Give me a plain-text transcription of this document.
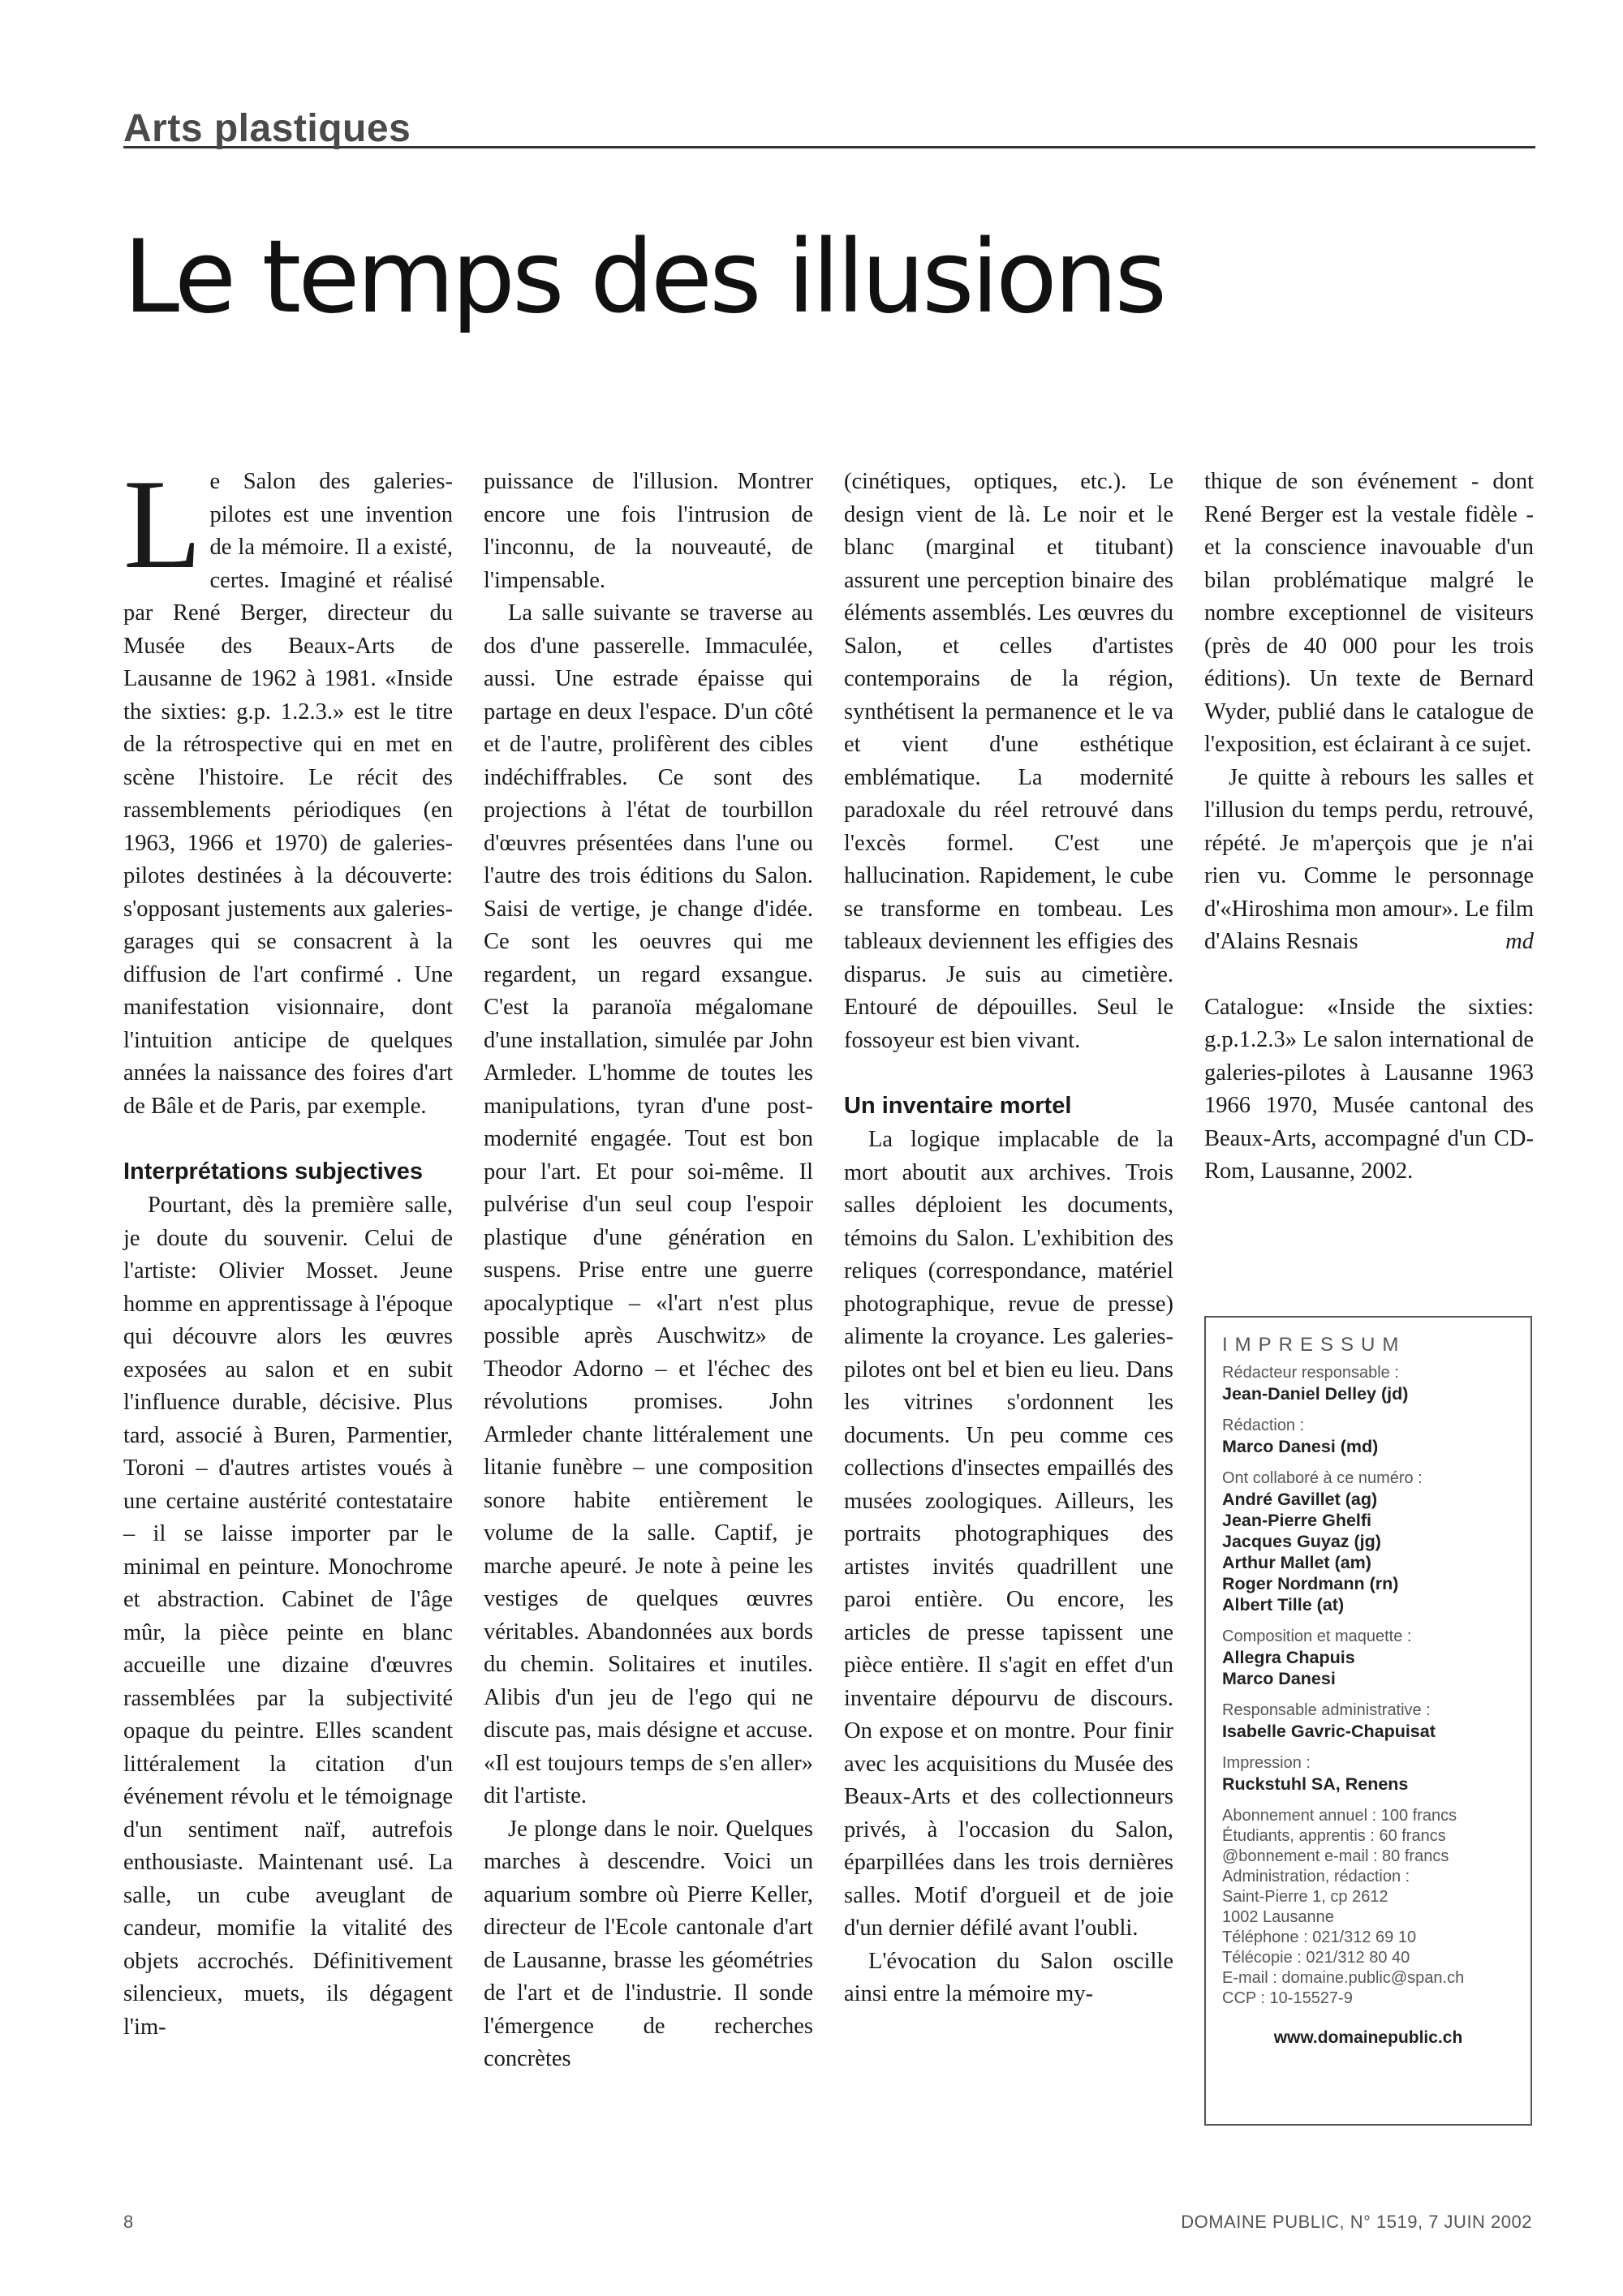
Arts plastiques
Le temps des illusions

Le Salon des galeries-pilotes est une invention de la mémoire. Il a existé, certes. Imaginé et réalisé par René Berger, directeur du Musée des Beaux-Arts de Lausanne de 1962 à 1981. «Inside the sixties: g.p. 1.2.3.» est le titre de la rétrospective qui en met en scène l'histoire. Le récit des rassemblements périodiques (en 1963, 1966 et 1970) de galeries-pilotes destinées à la découverte: s'opposant justements aux galeries-garages qui se consacrent à la diffusion de l'art confirmé . Une manifestation visionnaire, dont l'intuition anticipe de quelques années la naissance des foires d'art de Bâle et de Paris, par exemple.

Interprétations subjectives

Pourtant, dès la première salle, je doute du souvenir. Celui de l'artiste: Olivier Mosset. Jeune homme en apprentissage à l'époque qui découvre alors les œuvres exposées au salon et en subit l'influence durable, décisive. Plus tard, associé à Buren, Parmentier, Toroni – d'autres artistes voués à une certaine austérité contestataire – il se laisse importer par le minimal en peinture. Monochrome et abstraction. Cabinet de l'âge mûr, la pièce peinte en blanc accueille une dizaine d'œuvres rassemblées par la subjectivité opaque du peintre. Elles scandent littéralement la citation d'un événement révolu et le témoignage d'un sentiment naïf, autrefois enthousiaste. Maintenant usé. La salle, un cube aveuglant de candeur, momifie la vitalité des objets accrochés. Définitivement silencieux, muets, ils dégagent l'im-

puissance de l'illusion. Montrer encore une fois l'intrusion de l'inconnu, de la nouveauté, de l'impensable.

La salle suivante se traverse au dos d'une passerelle. Immaculée, aussi. Une estrade épaisse qui partage en deux l'espace. D'un côté et de l'autre, prolifèrent des cibles indéchiffrables. Ce sont des projections à l'état de tourbillon d'œuvres présentées dans l'une ou l'autre des trois éditions du Salon. Saisi de vertige, je change d'idée. Ce sont les oeuvres qui me regardent, un regard exsangue. C'est la paranoïa mégalomane d'une installation, simulée par John Armleder. L'homme de toutes les manipulations, tyran d'une post-modernité engagée. Tout est bon pour l'art. Et pour soi-même. Il pulvérise d'un seul coup l'espoir plastique d'une génération en suspens. Prise entre une guerre apocalyptique – «l'art n'est plus possible après Auschwitz» de Theodor Adorno – et l'échec des révolutions promises. John Armleder chante littéralement une litanie funèbre – une composition sonore habite entièrement le volume de la salle. Captif, je marche apeuré. Je note à peine les vestiges de quelques œuvres véritables. Abandonnées aux bords du chemin. Solitaires et inutiles. Alibis d'un jeu de l'ego qui ne discute pas, mais désigne et accuse. «Il est toujours temps de s'en aller» dit l'artiste.

Je plonge dans le noir. Quelques marches à descendre. Voici un aquarium sombre où Pierre Keller, directeur de l'Ecole cantonale d'art de Lausanne, brasse les géométries de l'art et de l'industrie. Il sonde l'émergence de recherches concrètes

(cinétiques, optiques, etc.). Le design vient de là. Le noir et le blanc (marginal et titubant) assurent une perception binaire des éléments assemblés. Les œuvres du Salon, et celles d'artistes contemporains de la région, synthétisent la permanence et le va et vient d'une esthétique emblématique. La modernité paradoxale du réel retrouvé dans l'excès formel. C'est une hallucination. Rapidement, le cube se transforme en tombeau. Les tableaux deviennent les effigies des disparus. Je suis au cimetière. Entouré de dépouilles. Seul le fossoyeur est bien vivant.

Un inventaire mortel

La logique implacable de la mort aboutit aux archives. Trois salles déploient les documents, témoins du Salon. L'exhibition des reliques (correspondance, matériel photographique, revue de presse) alimente la croyance. Les galeries-pilotes ont bel et bien eu lieu. Dans les vitrines s'ordonnent les documents. Un peu comme ces collections d'insectes empaillés des musées zoologiques. Ailleurs, les portraits photographiques des artistes invités quadrillent une paroi entière. Ou encore, les articles de presse tapissent une pièce entière. Il s'agit en effet d'un inventaire dépourvu de discours. On expose et on montre. Pour finir avec les acquisitions du Musée des Beaux-Arts et des collectionneurs privés, à l'occasion du Salon, éparpillées dans les trois dernières salles. Motif d'orgueil et de joie d'un dernier défilé avant l'oubli.

L'évocation du Salon oscille ainsi entre la mémoire my-

thique de son événement - dont René Berger est la vestale fidèle - et la conscience inavouable d'un bilan problématique malgré le nombre exceptionnel de visiteurs (près de 40 000 pour les trois éditions). Un texte de Bernard Wyder, publié dans le catalogue de l'exposition, est éclairant à ce sujet.

Je quitte à rebours les salles et l'illusion du temps perdu, retrouvé, répété. Je m'aperçois que je n'ai rien vu. Comme le personnage d'«Hiroshima mon amour». Le film d'Alains Resnais	md

Catalogue: «Inside the sixties: g.p.1.2.3» Le salon international de galeries-pilotes à Lausanne 1963 1966 1970, Musée cantonal des Beaux-Arts, accompagné d'un CD-Rom, Lausanne, 2002.

IMPRESSUM
Rédacteur responsable :
Jean-Daniel Delley (jd)
Rédaction :
Marco Danesi (md)
Ont collaboré à ce numéro :
André Gavillet (ag)
Jean-Pierre Ghelfi
Jacques Guyaz (jg)
Arthur Mallet (am)
Roger Nordmann (rn)
Albert Tille (at)
Composition et maquette :
Allegra Chapuis
Marco Danesi
Responsable administrative :
Isabelle Gavric-Chapuisat
Impression :
Ruckstuhl SA, Renens
Abonnement annuel : 100 francs
Étudiants, apprentis : 60 francs
@bonnement e-mail : 80 francs
Administration, rédaction :
Saint-Pierre 1, cp 2612
1002 Lausanne
Téléphone : 021/312 69 10
Télécopie : 021/312 80 40
E-mail : domaine.public@span.ch
CCP : 10-15527-9
www.domainepublic.ch
8	DOMAINE PUBLIC, N° 1519, 7 JUIN 2002
